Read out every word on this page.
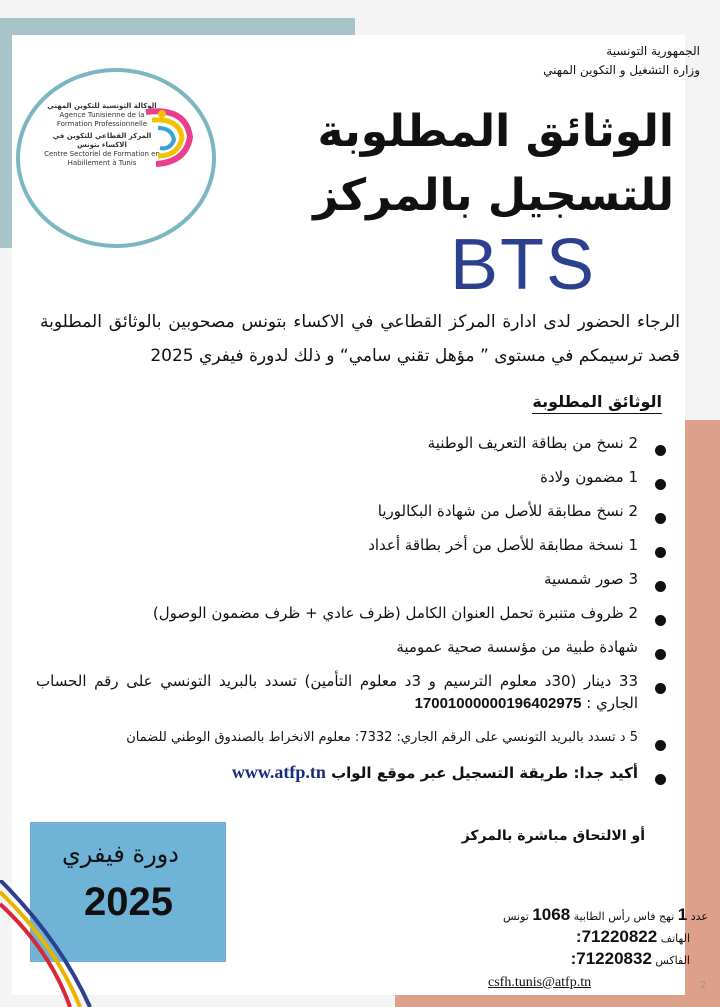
الوكالة التونسية للتكوين المهني
Agence Tunisienne de la Formation Professionnelle
المركز القطاعي للتكوين في الاكساء بتونس
Centre Sectoriel de Formation en Habillement à Tunis
الجمهورية التونسية
وزارة التشغيل و التكوين المهني
الوثائق المطلوبة
للتسجيل بالمركز
BTS
الرجاء الحضور لدى ادارة المركز القطاعي في الاكساء بتونس مصحوبين بالوثائق المطلوبة قصد ترسيمكم في مستوى ” مؤهل تقني سامي“ و ذلك لدورة فيفري 2025
الوثائق المطلوبة
2 نسخ من بطاقة التعريف الوطنية
1 مضمون ولادة
2 نسخ مطابقة للأصل من شهادة البكالوريا
1 نسخة مطابقة للأصل من أخر بطاقة أعداد
3 صور شمسية
2 ظروف متنبرة تحمل العنوان الكامل (ظرف عادي + ظرف مضمون الوصول)
شهادة طبية من مؤسسة صحية عمومية
33 دينار (30د معلوم الترسيم و 3د معلوم التأمين) تسدد بالبريد التونسي على رقم الحساب الجاري : 17001000000196402975
5 د تسدد بالبريد التونسي على الرقم الجاري: 7332: معلوم الانخراط بالصندوق الوطني للضمان
أكيد جدا: طريقة التسجيل عبر موقع الواب www.atfp.tn
أو الالتحاق مباشرة بالمركز
دورة فيفري
2025	عدد 1 نهج فاس رأس الطابية 1068 تونس
الهاتف 71220822:
الفاكس 71220832:
csfh.tunis@atfp.tn	2
